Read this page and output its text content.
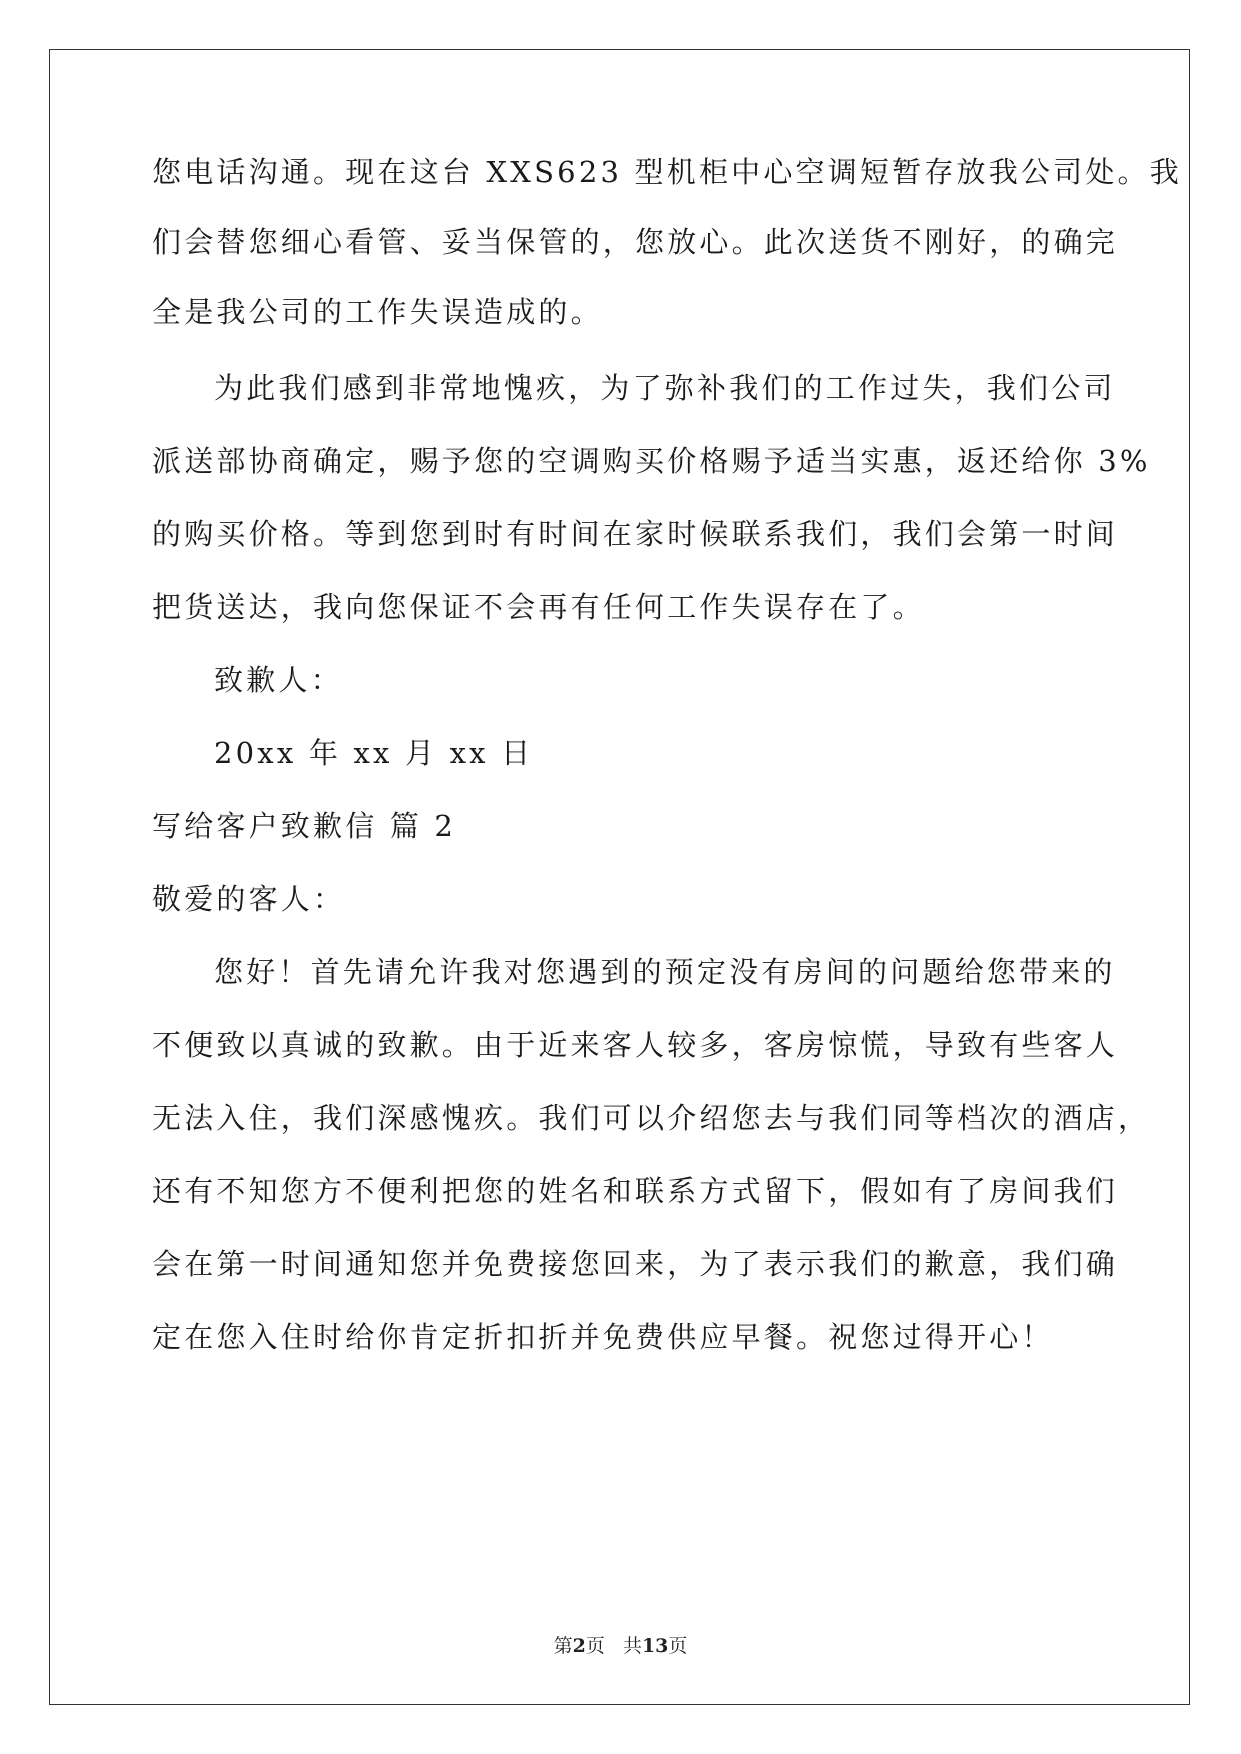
您电话沟通。现在这台 XXS623 型机柜中心空调短暂存放我公司处。我
们会替您细心看管、妥当保管的，您放心。此次送货不刚好，的确完
全是我公司的工作失误造成的。
为此我们感到非常地愧疚，为了弥补我们的工作过失，我们公司
派送部协商确定，赐予您的空调购买价格赐予适当实惠，返还给你 3%
的购买价格。等到您到时有时间在家时候联系我们，我们会第一时间
把货送达，我向您保证不会再有任何工作失误存在了。
致歉人：
20xx 年 xx 月 xx 日
写给客户致歉信 篇 2
敬爱的客人：
您好！首先请允许我对您遇到的预定没有房间的问题给您带来的
不便致以真诚的致歉。由于近来客人较多，客房惊慌，导致有些客人
无法入住，我们深感愧疚。我们可以介绍您去与我们同等档次的酒店，
还有不知您方不便利把您的姓名和联系方式留下，假如有了房间我们
会在第一时间通知您并免费接您回来，为了表示我们的歉意，我们确
定在您入住时给你肯定折扣折并免费供应早餐。祝您过得开心！
第2页   共13页
